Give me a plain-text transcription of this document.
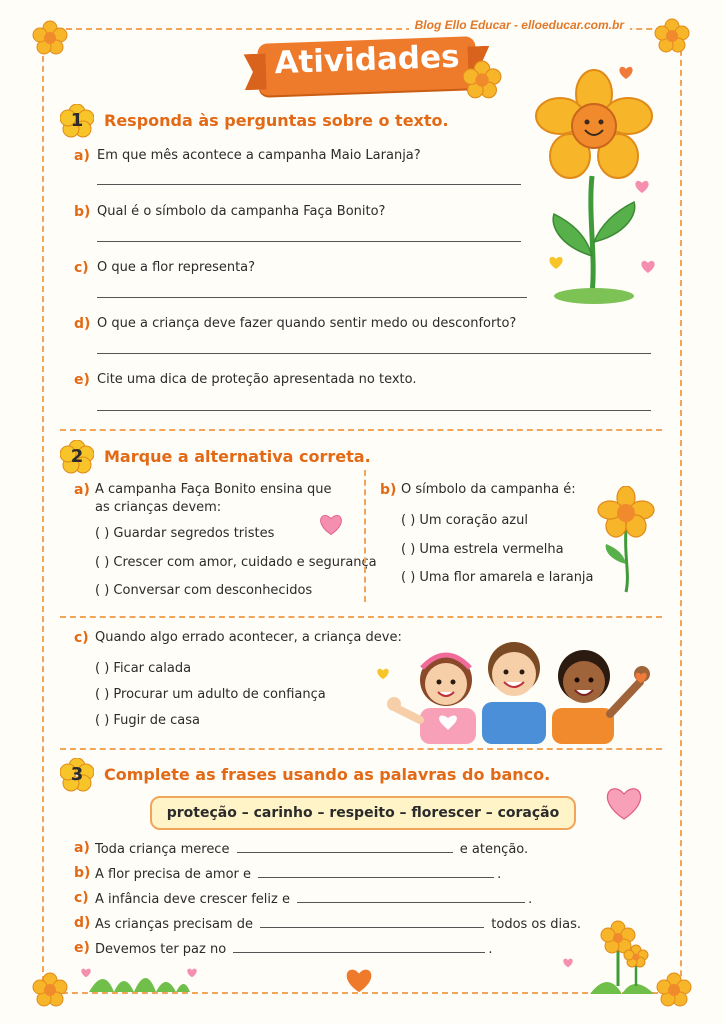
Blog Ello Educar - elloeducar.com.br
Atividades
1	Responda às perguntas sobre o texto.
a) Em que mês acontece a campanha Maio Laranja?
b) Qual é o símbolo da campanha Faça Bonito?
c) O que a flor representa?
d) O que a criança deve fazer quando sentir medo ou desconforto?
e) Cite uma dica de proteção apresentada no texto.
2	Marque a alternativa correta.
a) A campanha Faça Bonito ensina que
as crianças devem:
( ) Guardar segredos tristes
( ) Crescer com amor, cuidado e segurança
( ) Conversar com desconhecidos
b) O símbolo da campanha é:
( ) Um coração azul
( ) Uma estrela vermelha
( ) Uma flor amarela e laranja
c) Quando algo errado acontecer, a criança deve:
( ) Ficar calada
( ) Procurar um adulto de confiança
( ) Fugir de casa
3	Complete as frases usando as palavras do banco.
proteção – carinho – respeito – florescer – coração
a) Toda criança merece	e atenção.
b) A flor precisa de amor e	.
c) A infância deve crescer feliz e	.
d) As crianças precisam de	todos os dias.
e) Devemos ter paz no	.
